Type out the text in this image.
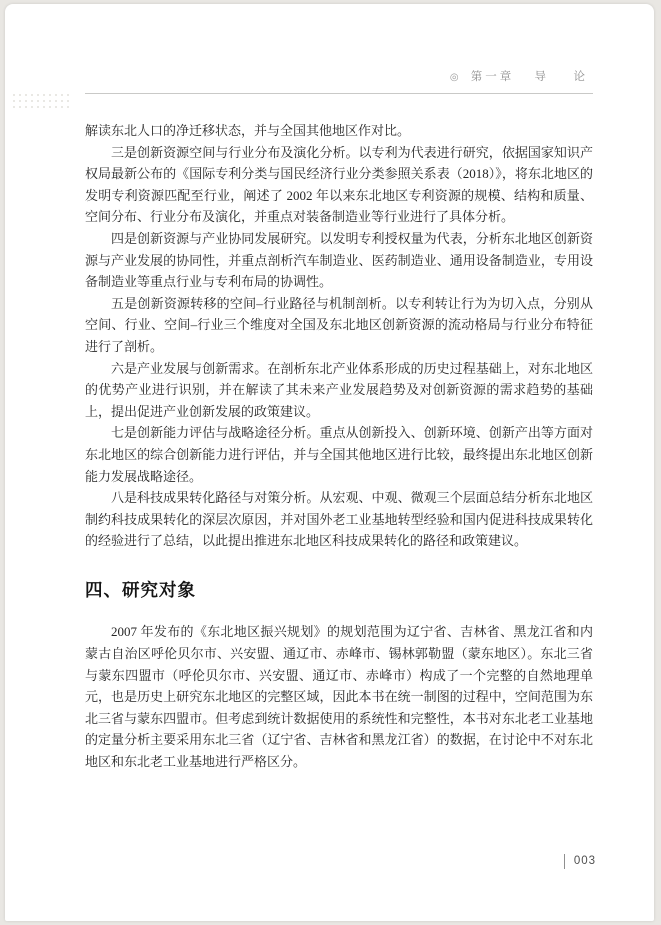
◎ 第一章 导　论

解读东北人口的净迁移状态，并与全国其他地区作对比。

三是创新资源空间与行业分布及演化分析。以专利为代表进行研究，依据国家知识产权局最新公布的《国际专利分类与国民经济行业分类参照关系表（2018）》，将东北地区的发明专利资源匹配至行业，阐述了 2002 年以来东北地区专利资源的规模、结构和质量、空间分布、行业分布及演化，并重点对装备制造业等行业进行了具体分析。

四是创新资源与产业协同发展研究。以发明专利授权量为代表，分析东北地区创新资源与产业发展的协同性，并重点剖析汽车制造业、医药制造业、通用设备制造业，专用设备制造业等重点行业与专利布局的协调性。

五是创新资源转移的空间–行业路径与机制剖析。以专利转让行为为切入点，分别从空间、行业、空间–行业三个维度对全国及东北地区创新资源的流动格局与行业分布特征进行了剖析。

六是产业发展与创新需求。在剖析东北产业体系形成的历史过程基础上，对东北地区的优势产业进行识别，并在解读了其未来产业发展趋势及对创新资源的需求趋势的基础上，提出促进产业创新发展的政策建议。

七是创新能力评估与战略途径分析。重点从创新投入、创新环境、创新产出等方面对东北地区的综合创新能力进行评估，并与全国其他地区进行比较，最终提出东北地区创新能力发展战略途径。

八是科技成果转化路径与对策分析。从宏观、中观、微观三个层面总结分析东北地区制约科技成果转化的深层次原因，并对国外老工业基地转型经验和国内促进科技成果转化的经验进行了总结，以此提出推进东北地区科技成果转化的路径和政策建议。

四、研究对象

2007 年发布的《东北地区振兴规划》的规划范围为辽宁省、吉林省、黑龙江省和内蒙古自治区呼伦贝尔市、兴安盟、通辽市、赤峰市、锡林郭勒盟（蒙东地区）。东北三省与蒙东四盟市（呼伦贝尔市、兴安盟、通辽市、赤峰市）构成了一个完整的自然地理单元，也是历史上研究东北地区的完整区域，因此本书在统一制图的过程中，空间范围为东北三省与蒙东四盟市。但考虑到统计数据使用的系统性和完整性，本书对东北老工业基地的定量分析主要采用东北三省（辽宁省、吉林省和黑龙江省）的数据，在讨论中不对东北地区和东北老工业基地进行严格区分。

003
